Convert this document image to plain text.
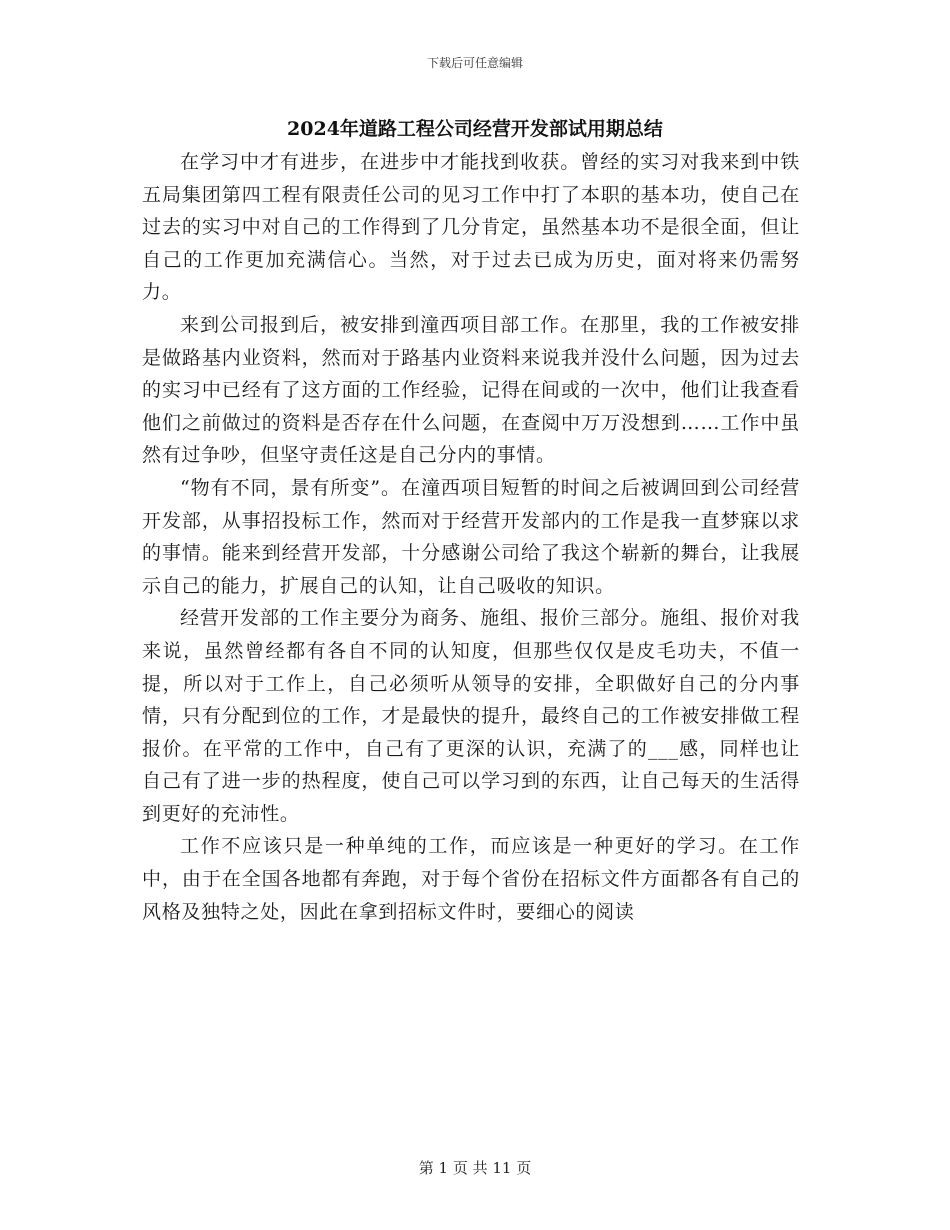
下载后可任意编辑
2024年道路工程公司经营开发部试用期总结

在学习中才有进步，在进步中才能找到收获。曾经的实习对我来到中铁五局集团第四工程有限责任公司的见习工作中打了本职的基本功，使自己在过去的实习中对自己的工作得到了几分肯定，虽然基本功不是很全面，但让自己的工作更加充满信心。当然，对于过去已成为历史，面对将来仍需努力。

来到公司报到后，被安排到潼西项目部工作。在那里，我的工作被安排是做路基内业资料，然而对于路基内业资料来说我并没什么问题，因为过去的实习中已经有了这方面的工作经验，记得在间或的一次中，他们让我查看他们之前做过的资料是否存在什么问题，在查阅中万万没想到……工作中虽然有过争吵，但坚守责任这是自己分内的事情。

“物有不同，景有所变”。在潼西项目短暂的时间之后被调回到公司经营开发部，从事招投标工作，然而对于经营开发部内的工作是我一直梦寐以求的事情。能来到经营开发部，十分感谢公司给了我这个崭新的舞台，让我展示自己的能力，扩展自己的认知，让自己吸收的知识。

经营开发部的工作主要分为商务、施组、报价三部分。施组、报价对我来说，虽然曾经都有各自不同的认知度，但那些仅仅是皮毛功夫，不值一提，所以对于工作上，自己必须听从领导的安排，全职做好自己的分内事情，只有分配到位的工作，才是最快的提升，最终自己的工作被安排做工程报价。在平常的工作中，自己有了更深的认识，充满了的___感，同样也让自己有了进一步的热程度，使自己可以学习到的东西，让自己每天的生活得到更好的充沛性。

工作不应该只是一种单纯的工作，而应该是一种更好的学习。在工作中，由于在全国各地都有奔跑，对于每个省份在招标文件方面都各有自己的风格及独特之处，因此在拿到招标文件时，要细心的阅读

第 1 页 共 11 页
